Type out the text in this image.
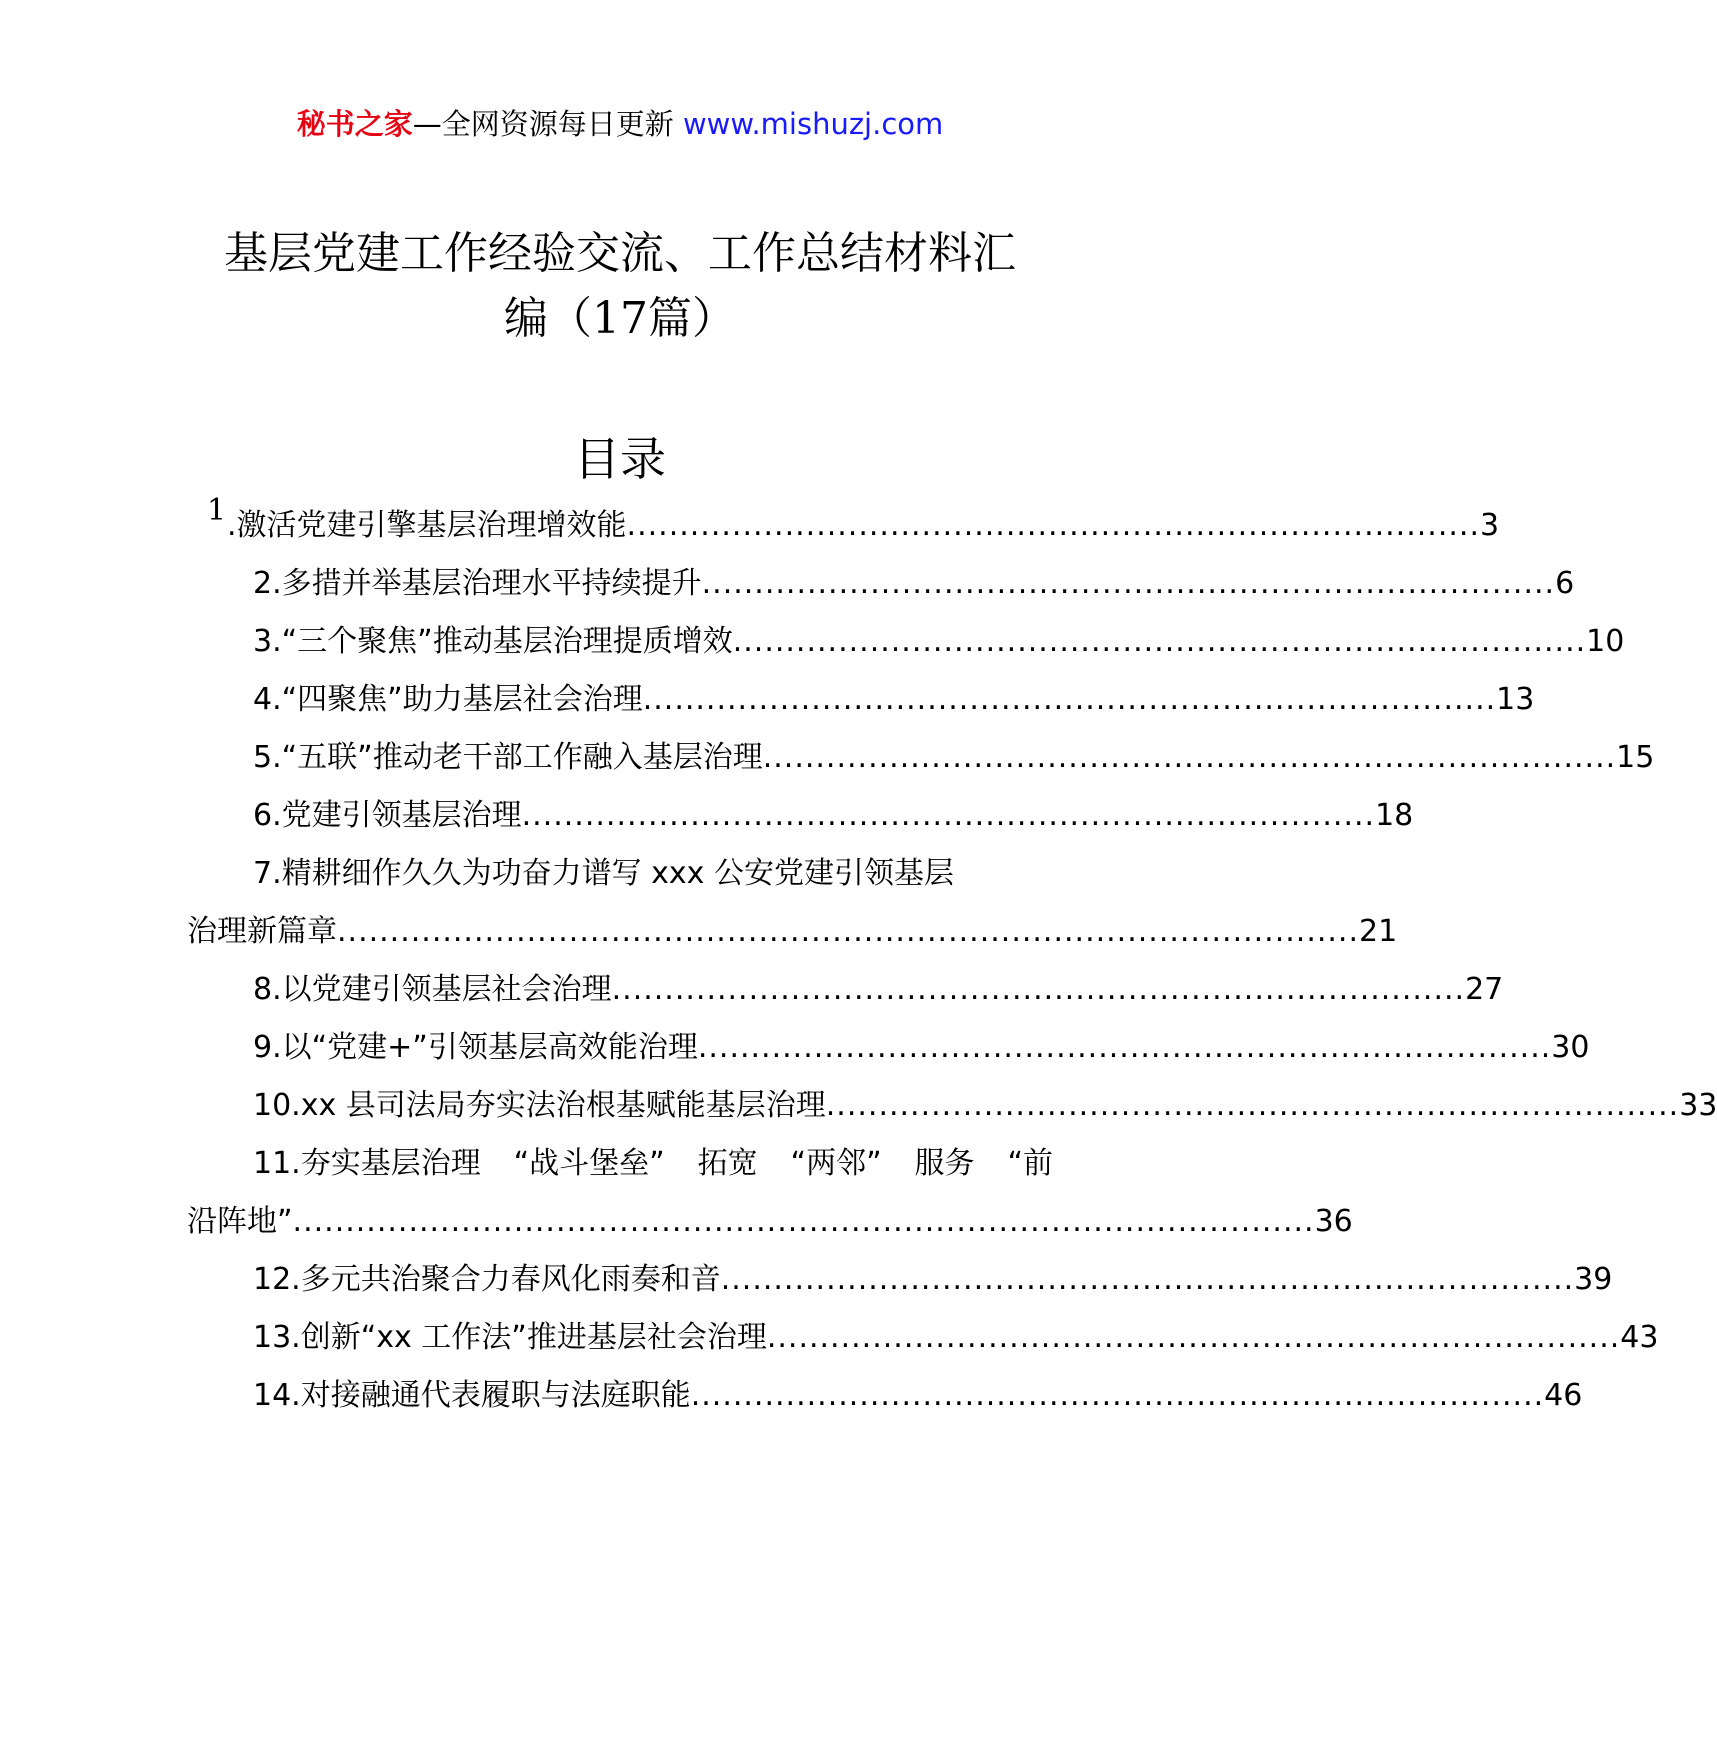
秘书之家—全网资源每日更新 www.mishuzj.com
基层党建工作经验交流、工作总结材料汇
编（17篇）
目录
1 .激活党建引擎基层治理增效能 ................................................................................. 3
2.多措并举基层治理水平持续提升 ................................................................................. 6
3.“三个聚焦”推动基层治理提质增效 ................................................................................. 10
4.“四聚焦”助力基层社会治理 ................................................................................. 13
5.“五联”推动老干部工作融入基层治理 ................................................................................. 15
6.党建引领基层治理 ................................................................................. 18
7.精耕细作久久为功奋力谱写 xxx 公安党建引领基层
治理新篇章 ................................................................................................. 21
8.以党建引领基层社会治理 ................................................................................. 27
9.以“党建+”引领基层高效能治理 ................................................................................. 30
10.xx 县司法局夯实法治根基赋能基层治理 ................................................................................. 33
11.夯实基层治理 “战斗堡垒” 拓宽 “两邻” 服务 “前
沿阵地” ................................................................................................. 36
12.多元共治聚合力春风化雨奏和音 ................................................................................. 39
13.创新“xx 工作法”推进基层社会治理 ................................................................................. 43
14.对接融通代表履职与法庭职能 ................................................................................. 46
